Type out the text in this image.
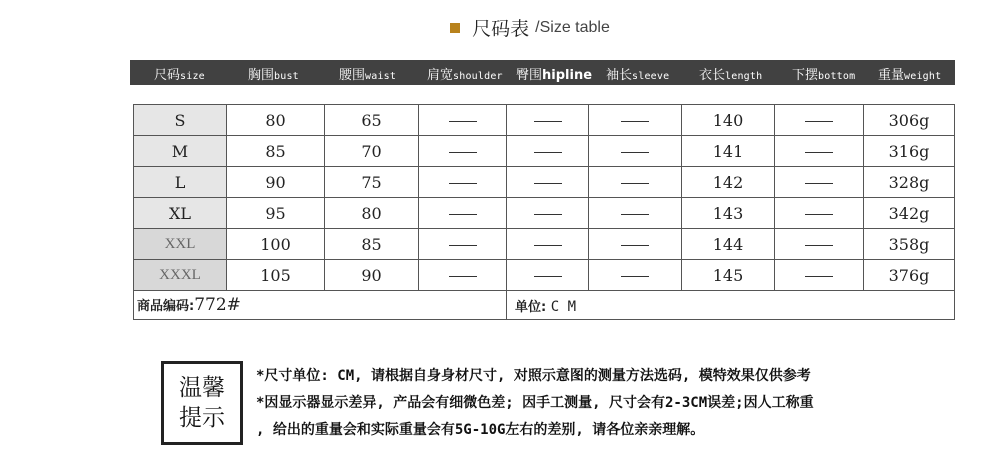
尺码表 /Size table
尺码size	胸围bust	腰围waist 肩宽shoulder 臀围hipline 袖长sleeve 衣长length 下摆bottom 重量weight
S	80	65				140		306g
M	85	70				141		316g
L	90	75				142		328g
XL	95	80				143		342g
XXL	100	85				144		358g
XXXL	105	90				145		376g
商品编码:772#				单位: C M				
温馨
提示
*尺寸单位: CM, 请根据自身身材尺寸, 对照示意图的测量方法选码, 模特效果仅供参考
*因显示器显示差异, 产品会有细微色差; 因手工测量, 尺寸会有2-3CM误差;因人工称重
, 给出的重量会和实际重量会有5G-10G左右的差别, 请各位亲亲理解。
